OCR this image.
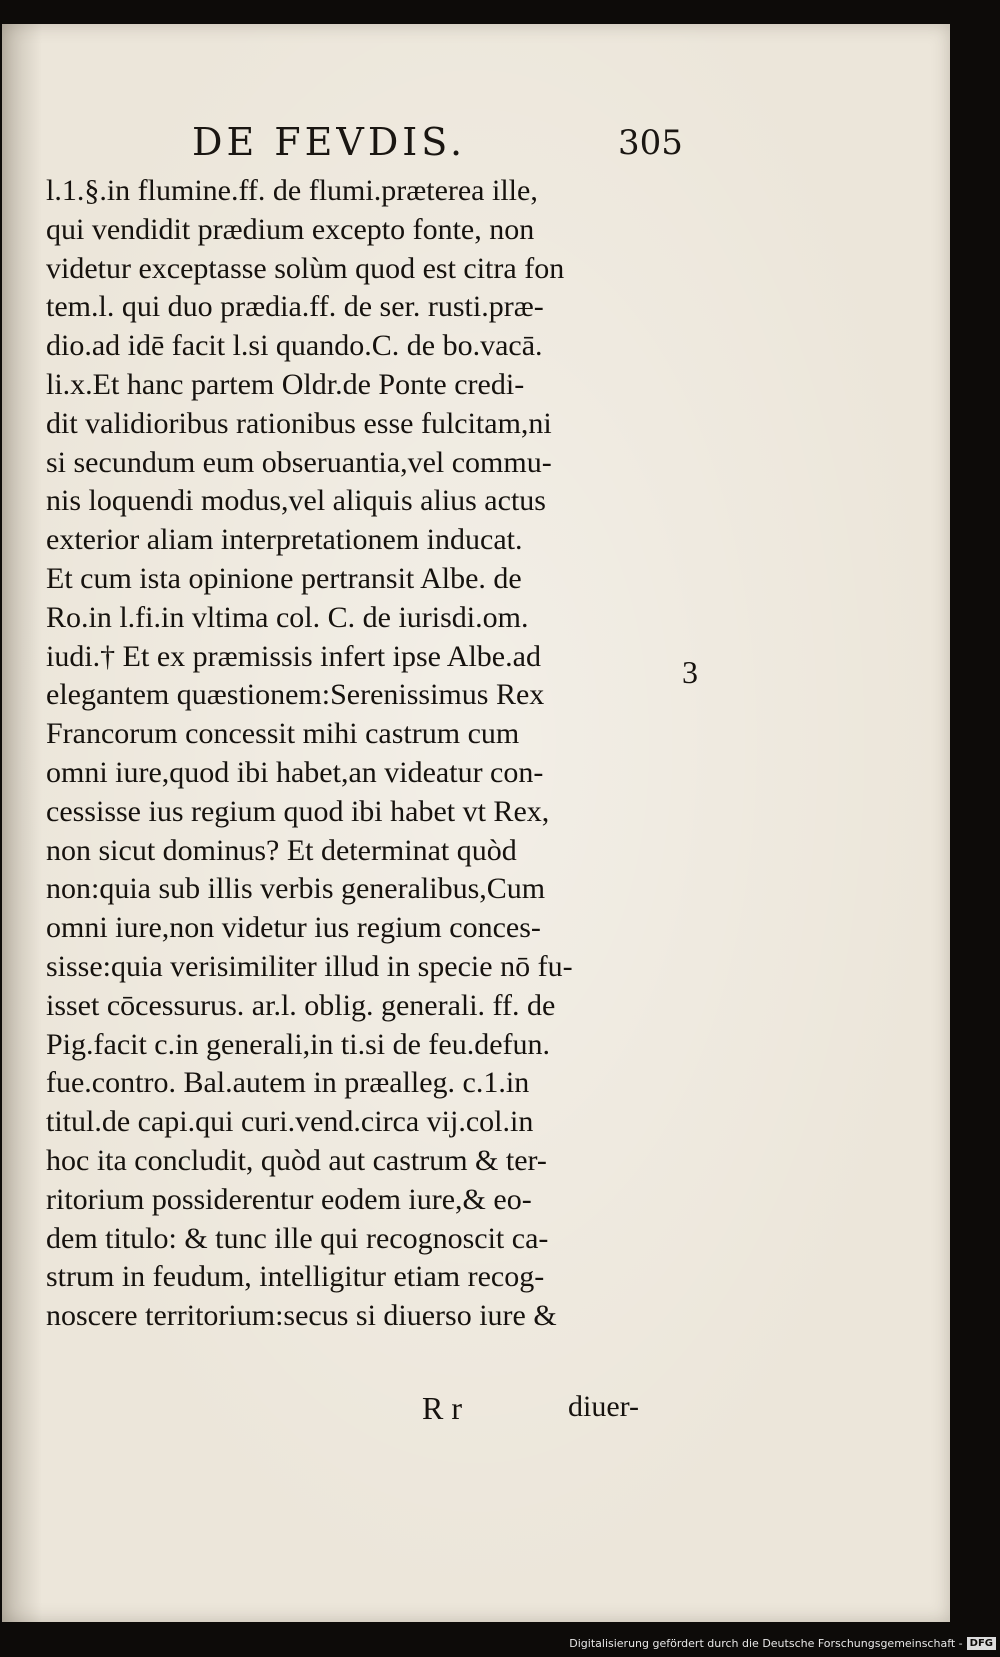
DE FEVDIS.	305
l.1.§.in flumine.ff. de flumi.præterea ille,
qui vendidit prædium excepto fonte, non
videtur exceptasse solùm quod est citra fon
tem.l. qui duo prædia.ff. de ser. rusti.præ-
dio.ad idē facit l.si quando.C. de bo.vacā.
li.x.Et hanc partem Oldr.de Ponte credi-
dit validioribus rationibus esse fulcitam,ni
si secundum eum obseruantia,vel commu-
nis loquendi modus,vel aliquis alius actus
exterior aliam interpretationem inducat.
Et cum ista opinione pertransit Albe. de
Ro.in l.fi.in vltima col. C. de iurisdi.om.
iudi.† Et ex præmissis infert ipse Albe.ad
elegantem quæstionem:Serenissimus Rex
Francorum concessit mihi castrum cum
omni iure,quod ibi habet,an videatur con-
cessisse ius regium quod ibi habet vt Rex,
non sicut dominus? Et determinat quòd
non:quia sub illis verbis generalibus,Cum
omni iure,non videtur ius regium conces-
sisse:quia verisimiliter illud in specie nō fu-
isset cōcessurus. ar.l. oblig. generali. ff. de
Pig.facit c.in generali,in ti.si de feu.defun.
fue.contro. Bal.autem in præalleg. c.1.in
titul.de capi.qui curi.vend.circa vij.col.in
hoc ita concludit, quòd aut castrum & ter-
ritorium possiderentur eodem iure,& eo-
dem titulo: & tunc ille qui recognoscit ca-
strum in feudum, intelligitur etiam recog-
noscere territorium:secus si diuerso iure &
3
R r	diuer-
Digitalisierung gefördert durch die Deutsche Forschungsgemeinschaft - DFG
